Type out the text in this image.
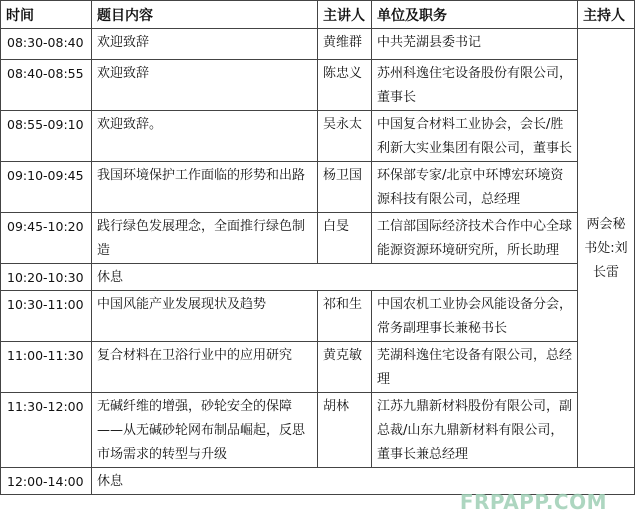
时间	题目内容	主讲人	单位及职务	主持人
08:30-08:40	欢迎致辞	黄维群	中共芜湖县委书记	两会秘书处:刘长雷
08:40-08:55	欢迎致辞	陈忠义	苏州科逸住宅设备股份有限公司，董事长	
08:55-09:10	欢迎致辞。	吴永太	中国复合材料工业协会，会长/胜利新大实业集团有限公司，董事长	
09:10-09:45	我国环境保护工作面临的形势和出路	杨卫国	环保部专家/北京中环博宏环境资源科技有限公司，总经理	
09:45-10:20	践行绿色发展理念，全面推行绿色制造	白旻	工信部国际经济技术合作中心全球能源资源环境研究所，所长助理	
10:20-10:30	休息			
10:30-11:00	中国风能产业发展现状及趋势	祁和生	中国农机工业协会风能设备分会，常务副理事长兼秘书长	
11:00-11:30	复合材料在卫浴行业中的应用研究	黄克敏	芜湖科逸住宅设备有限公司，总经理	
11:30-12:00	无碱纤维的增强，砂轮安全的保障——从无碱砂轮网布制品崛起，反思市场需求的转型与升级	胡林	江苏九鼎新材料股份有限公司，副总裁/山东九鼎新材料有限公司，董事长兼总经理	
12:00-14:00	休息			
FRPAPP.COM
